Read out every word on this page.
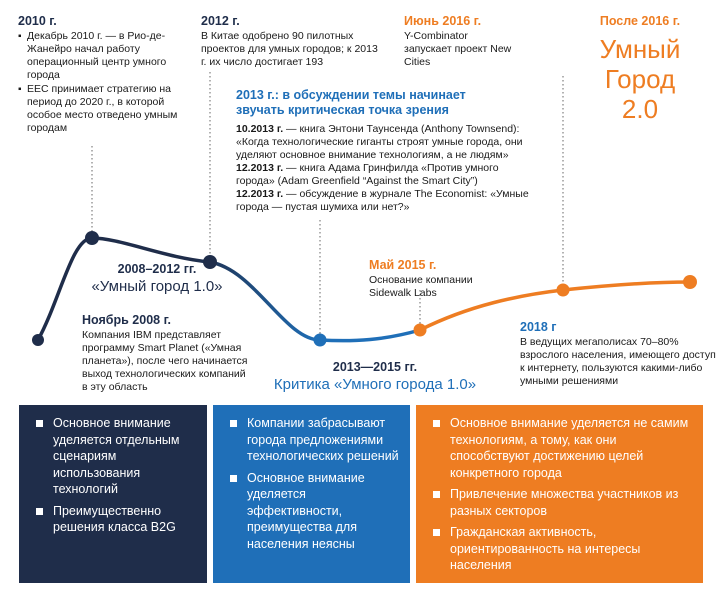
2010 г.
▪ Декабрь 2010 г. — в Рио-де-Жанейро начал работу операционный центр умного города
▪ ЕЕС принимает стратегию на период до 2020 г., в которой особое место отведено умным городам
2012 г.
В Китае одобрено 90 пилотных проектов для умных городов; к 2013 г. их число достигает 193
Июнь 2016 г.
Y-Combinator запускает проект New Cities
После 2016 г.
Умный Город 2.0
2013 г.: в обсуждении темы начинает звучать критическая точка зрения
10.2013 г. — книга Энтони Таунсенда (Anthony Townsend): «Когда технологические гиганты строят умные города, они уделяют основное внимание технологиям, а не людям»
12.2013 г. — книга Адама Гринфилда «Против умного города» (Adam Greenfield “Against the Smart City”)
12.2013 г. — обсуждение в журнале The Economist: «Умные города — пустая шумиха или нет?»
2008–2012 гг.
«Умный город 1.0»
Май 2015 г.
Основание компании Sidewalk Labs
Ноябрь 2008 г.
Компания IBM представляет программу Smart Planet («Умная планета»), после чего начинается выход технологических компаний в эту область
2018 г
В ведущих мегаполисах 70–80% взрослого населения, имеющего доступ к интернету, пользуются какими-либо умными решениями
2013—2015 гг.
Критика «Умного города 1.0»
Основное внимание уделяется отдельным сценариям использования технологий
Преимущественно решения класса B2G
Компании забрасывают города предложениями технологических решений
Основное внимание уделяется эффективности, преимущества для населения неясны
Основное внимание уделяется не самим технологиям, а тому, как они способствуют достижению целей конкретного города
Привлечение множества участников из разных секторов
Гражданская активность, ориентированность на интересы населения
